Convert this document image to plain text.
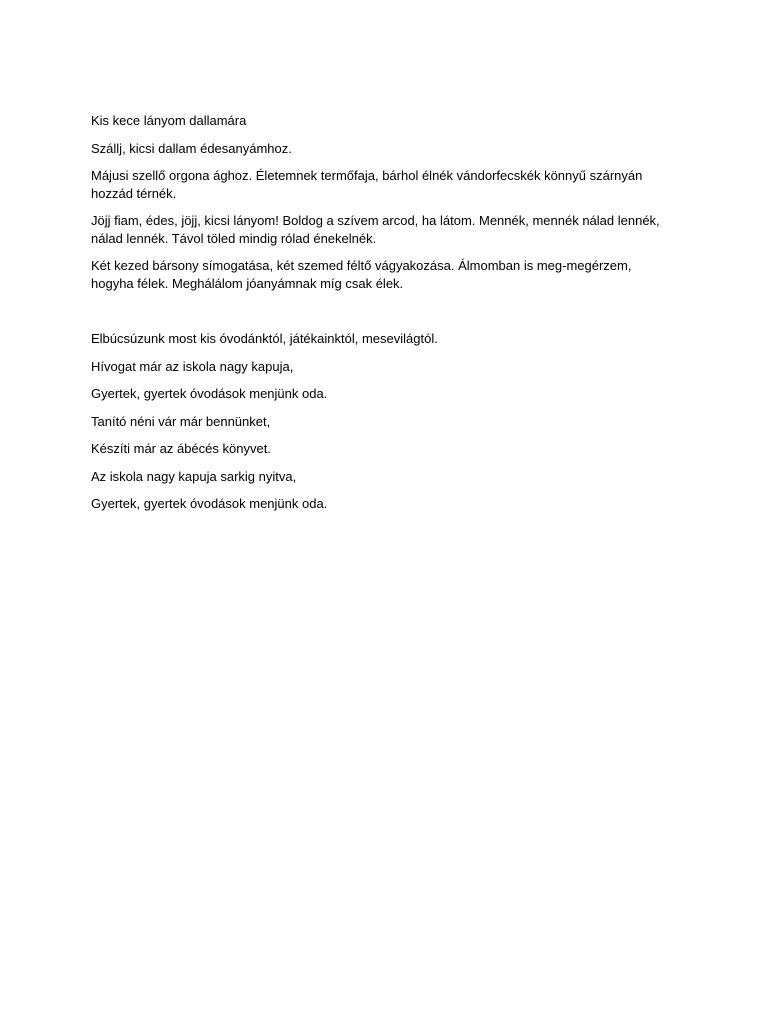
Kis kece lányom dallamára

Szállj, kicsi dallam édesanyámhoz.

Májusi szellő orgona ághoz. Életemnek termőfaja, bárhol élnék vándorfecskék könnyű szárnyán hozzád térnék.

Jöjj fiam, édes, jöjj, kicsi lányom! Boldog a szívem arcod, ha látom. Mennék, mennék nálad lennék, nálad lennék. Távol töled mindig rólad énekelnék.

Két kezed bársony símogatása, két szemed féltő vágyakozása. Álmomban is meg-megérzem, hogyha félek. Meghálálom jóanyámnak míg csak élek.

Elbúcsúzunk most kis óvodánktól, játékainktól, mesevilágtól.

Hívogat már az iskola nagy kapuja,

Gyertek, gyertek óvodások menjünk oda.

Tanító néni vár már bennünket,

Készíti már az ábécés könyvet.

Az iskola nagy kapuja sarkig nyitva,

Gyertek, gyertek óvodások menjünk oda.
